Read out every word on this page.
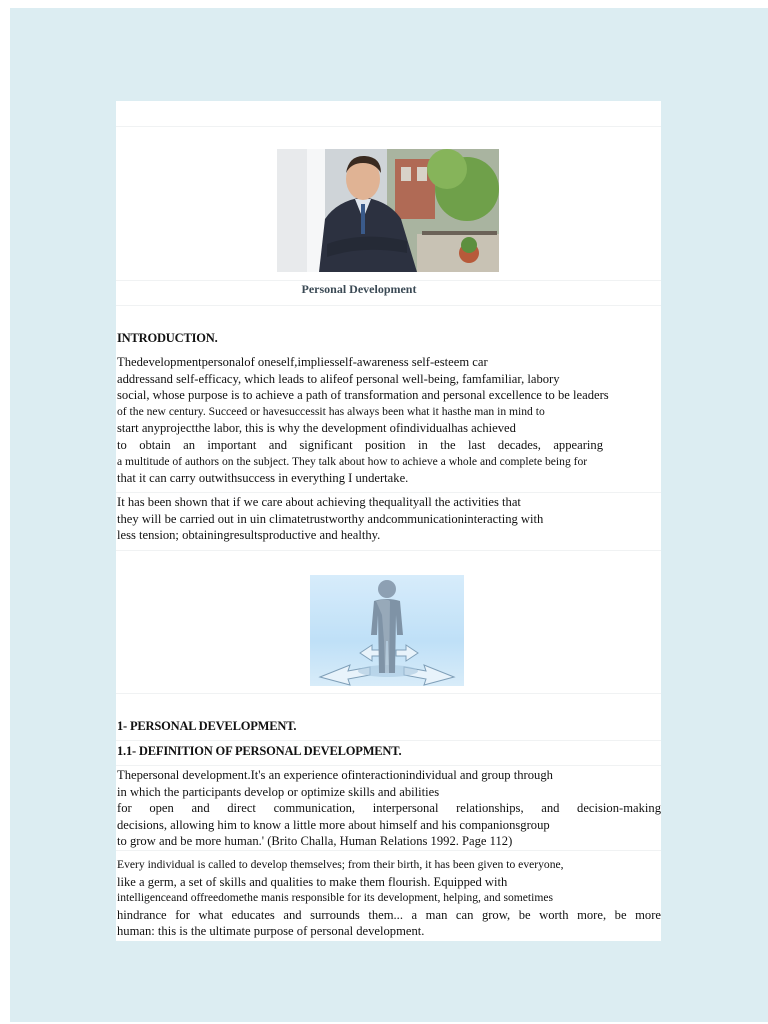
Personal Development
INTRODUCTION.
Thedevelopmentpersonalof oneself,impliesself-awareness self-esteem car
addressand self-efficacy, which leads to alifeof personal well-being, famfamiliar, labory
social, whose purpose is to achieve a path of transformation and personal excellence to be leaders
of the new century. Succeed or havesuccessit has always been what it hasthe man in mind to
start anyprojectthe labor, this is why the development ofindividualhas achieved
to obtain an important and significant position in the last decades, appearing
a multitude of authors on the subject. They talk about how to achieve a whole and complete being for
that it can carry outwithsuccess in everything I undertake.
It has been shown that if we care about achieving thequalityall the activities that
they will be carried out in uin climatetrustworthy andcommunicationinteracting with
less tension; obtainingresultsproductive and healthy.
1- PERSONAL DEVELOPMENT.
1.1- DEFINITION OF PERSONAL DEVELOPMENT.
Thepersonal development.It's an experience ofinteractionindividual and group through
in which the participants develop or optimize skills and abilities
for open and direct communication, interpersonal relationships, and decision-making
decisions, allowing him to know a little more about himself and his companionsgroup
to grow and be more human.' (Brito Challa, Human Relations 1992. Page 112)
Every individual is called to develop themselves; from their birth, it has been given to everyone,
like a germ, a set of skills and qualities to make them flourish. Equipped with
intelligenceand offreedomethe manis responsible for its development, helping, and sometimes
hindrance for what educates and surrounds them... a man can grow, be worth more, be more
human: this is the ultimate purpose of personal development.
